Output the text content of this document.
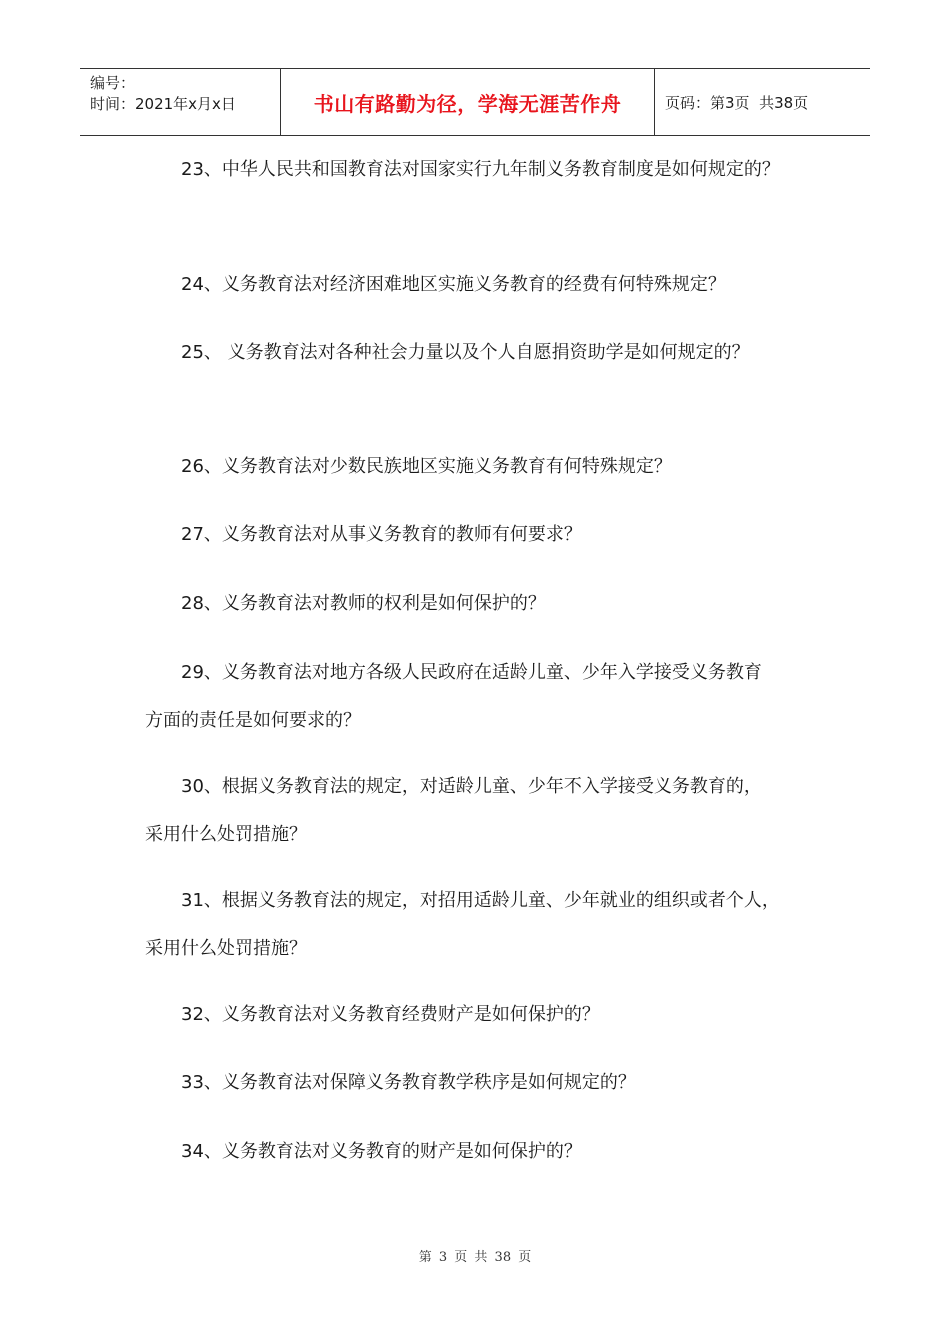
编号：
时间：2021年x月x日	书山有路勤为径，学海无涯苦作舟	页码：第3页  共38页
23、中华人民共和国教育法对国家实行九年制义务教育制度是如何规定的？
24、义务教育法对经济困难地区实施义务教育的经费有何特殊规定？
25、 义务教育法对各种社会力量以及个人自愿捐资助学是如何规定的？
26、义务教育法对少数民族地区实施义务教育有何特殊规定？
27、义务教育法对从事义务教育的教师有何要求？
28、义务教育法对教师的权利是如何保护的？
29、义务教育法对地方各级人民政府在适龄儿童、少年入学接受义务教育
方面的责任是如何要求的？
30、根据义务教育法的规定，对适龄儿童、少年不入学接受义务教育的，
采用什么处罚措施？
31、根据义务教育法的规定，对招用适龄儿童、少年就业的组织或者个人，
采用什么处罚措施？
32、义务教育法对义务教育经费财产是如何保护的？
33、义务教育法对保障义务教育教学秩序是如何规定的？
34、义务教育法对义务教育的财产是如何保护的？
第 3 页 共 38 页
